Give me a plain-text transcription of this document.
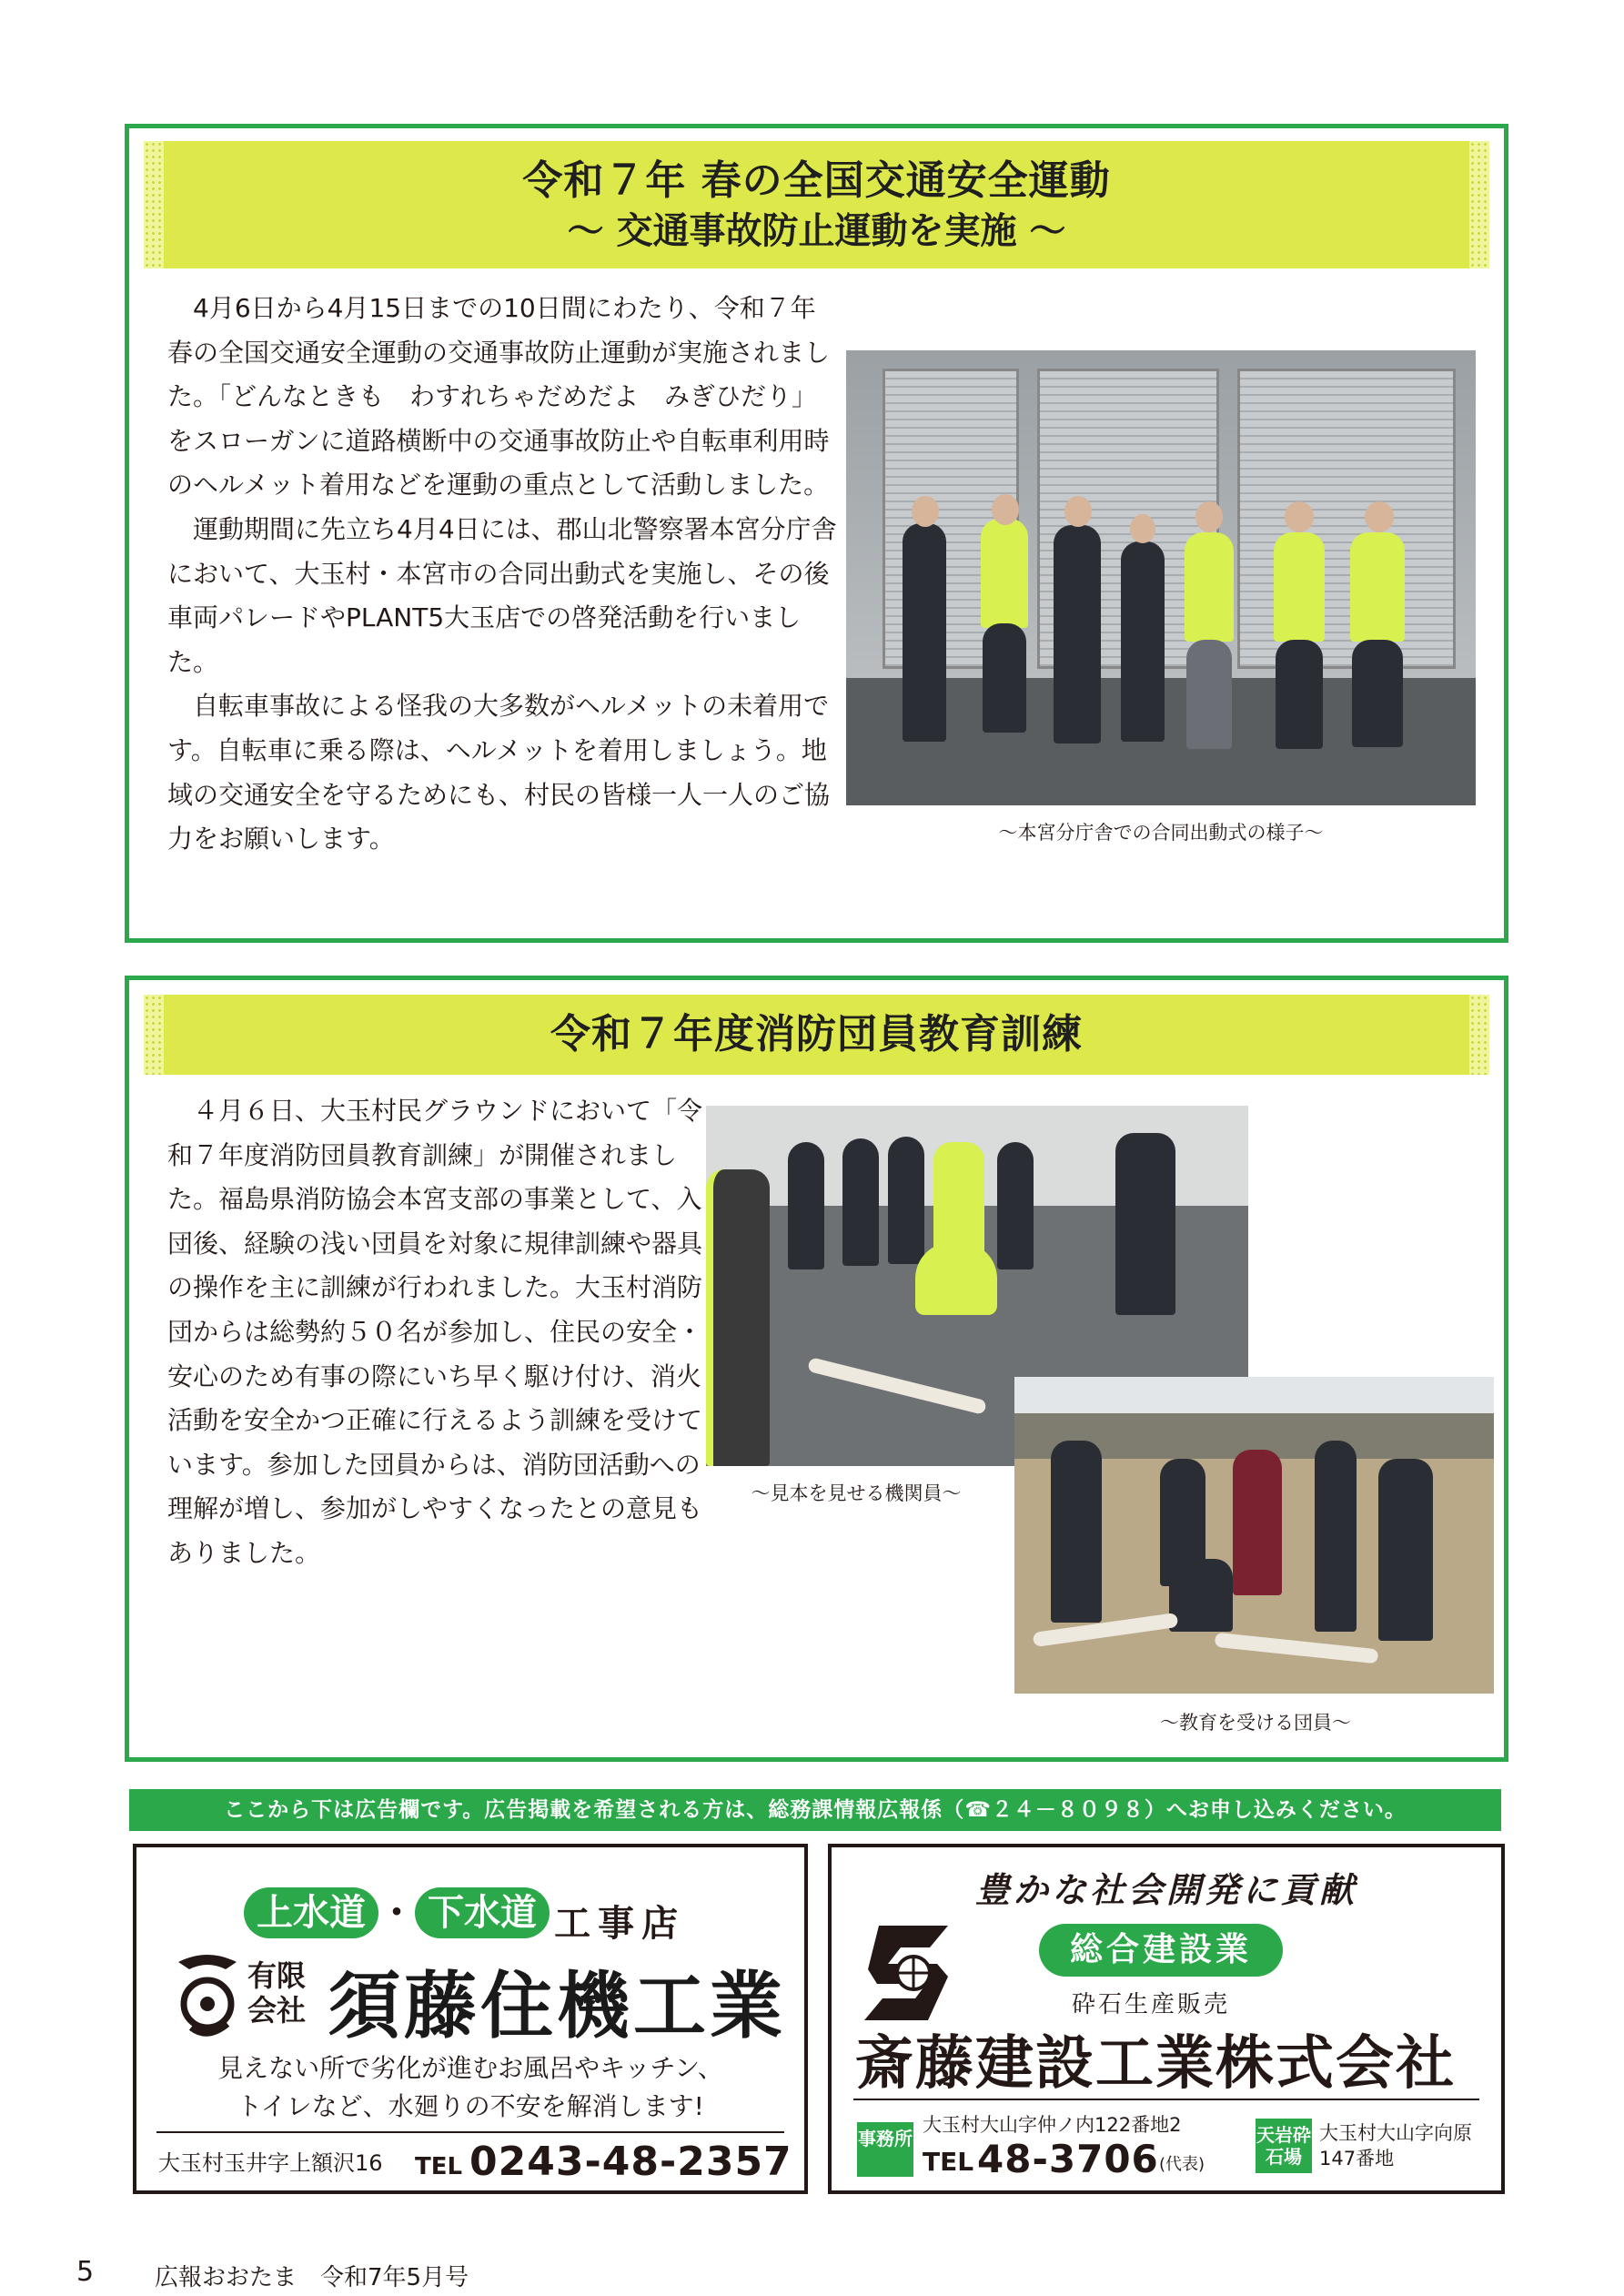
令和７年 春の全国交通安全運動
～ 交通事故防止運動を実施 ～

4月6日から4月15日までの10日間にわたり、令和７年春の全国交通安全運動の交通事故防止運動が実施されました。「どんなときも　わすれちゃだめだよ　みぎひだり」をスローガンに道路横断中の交通事故防止や自転車利用時のヘルメット着用などを運動の重点として活動しました。

運動期間に先立ち4月4日には、郡山北警察署本宮分庁舎において、大玉村・本宮市の合同出動式を実施し、その後車両パレードやPLANT5大玉店での啓発活動を行いました。

自転車事故による怪我の大多数がヘルメットの未着用です。自転車に乗る際は、ヘルメットを着用しましょう。地域の交通安全を守るためにも、村民の皆様一人一人のご協力をお願いします。	～本宮分庁舎での合同出動式の様子～
令和７年度消防団員教育訓練

４月６日、大玉村民グラウンドにおいて「令和７年度消防団員教育訓練」が開催されました。福島県消防協会本宮支部の事業として、入団後、経験の浅い団員を対象に規律訓練や器具の操作を主に訓練が行われました。大玉村消防団からは総勢約５０名が参加し、住民の安全・安心のため有事の際にいち早く駆け付け、消火活動を安全かつ正確に行えるよう訓練を受けています。参加した団員からは、消防団活動への理解が増し、参加がしやすくなったとの意見もありました。

～見本を見せる機関員～
～教育を受ける団員～
ここから下は広告欄です。広告掲載を希望される方は、総務課情報広報係（☎２４－８０９８）へお申し込みください。
上水道 ・ 下水道 工事店
有限会社 須藤住機工業
見えない所で劣化が進むお風呂やキッチン、
トイレなど、水廻りの不安を解消します!
大玉村玉井字上額沢16 TEL 0243-48-2357
豊かな社会開発に貢献
総合建設業
砕石生産販売
斎藤建設工業株式会社
事務所
大玉村大山字仲ノ内122番地2
TEL 48-3706 (代表)
天岩砕石場
大玉村大山字向原147番地
5	広報おおたま　令和7年5月号
